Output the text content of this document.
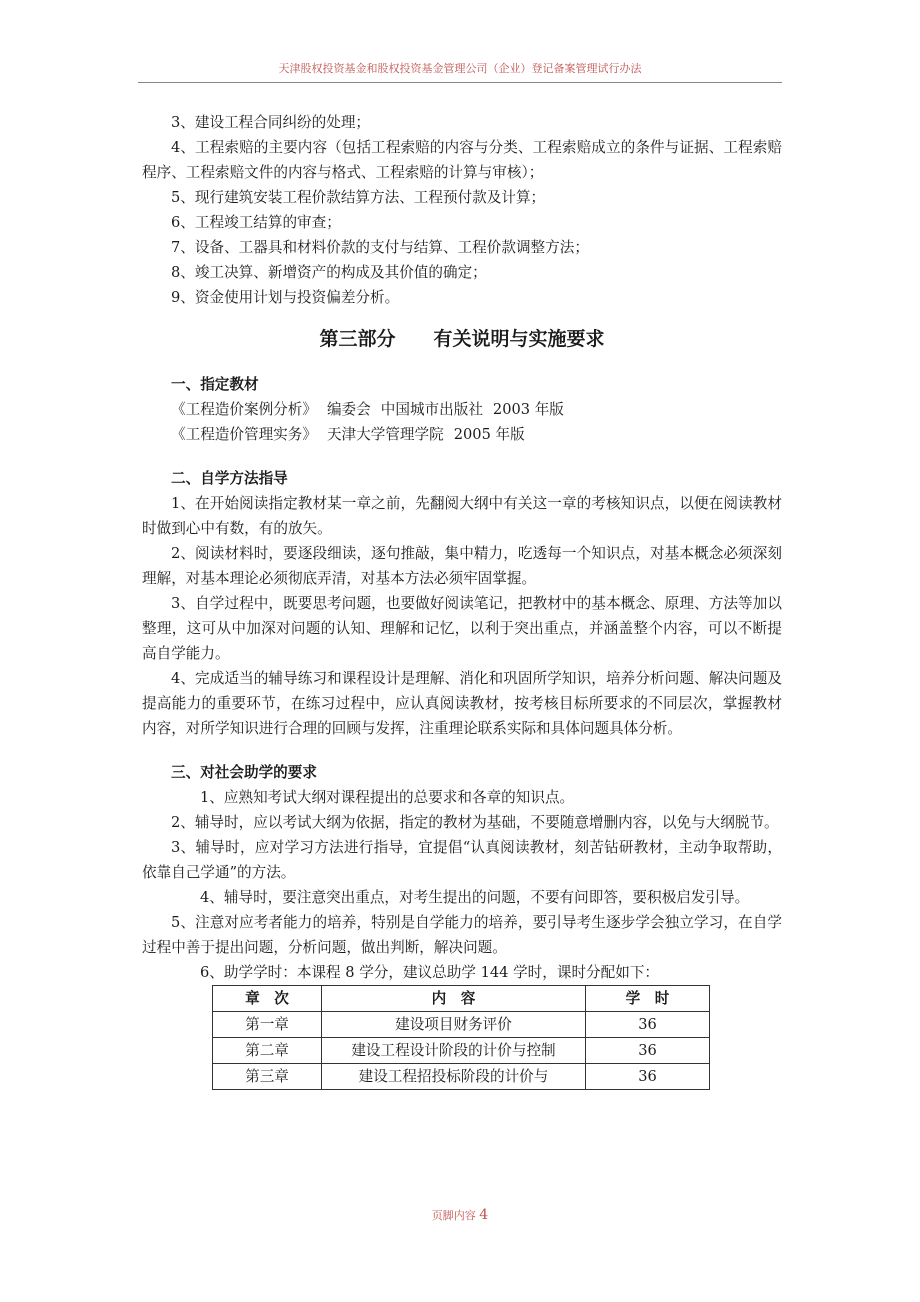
天津股权投资基金和股权投资基金管理公司（企业）登记备案管理试行办法

3、建设工程合同纠纷的处理；

4、工程索赔的主要内容（包括工程索赔的内容与分类、工程索赔成立的条件与证据、工程索赔程序、工程索赔文件的内容与格式、工程索赔的计算与审核）；

5、现行建筑安装工程价款结算方法、工程预付款及计算；

6、工程竣工结算的审查；

7、设备、工器具和材料价款的支付与结算、工程价款调整方法；

8、竣工决算、新增资产的构成及其价值的确定；

9、资金使用计划与投资偏差分析。

第三部分 有关说明与实施要求
一、指定教材

《工程造价案例分析》 编委会 中国城市出版社 2003 年版

《工程造价管理实务》 天津大学管理学院 2005 年版

二、自学方法指导

1、在开始阅读指定教材某一章之前，先翻阅大纲中有关这一章的考核知识点，以便在阅读教材时做到心中有数，有的放矢。

2、阅读材料时，要逐段细读，逐句推敲，集中精力，吃透每一个知识点，对基本概念必须深刻理解，对基本理论必须彻底弄清，对基本方法必须牢固掌握。

3、自学过程中，既要思考问题，也要做好阅读笔记，把教材中的基本概念、原理、方法等加以整理，这可从中加深对问题的认知、理解和记忆，以利于突出重点，并涵盖整个内容，可以不断提高自学能力。

4、完成适当的辅导练习和课程设计是理解、消化和巩固所学知识，培养分析问题、解决问题及提高能力的重要环节，在练习过程中，应认真阅读教材，按考核目标所要求的不同层次，掌握教材内容，对所学知识进行合理的回顾与发挥，注重理论联系实际和具体问题具体分析。

三、对社会助学的要求

1、应熟知考试大纲对课程提出的总要求和各章的知识点。

2、辅导时，应以考试大纲为依据，指定的教材为基础，不要随意增删内容，以免与大纲脱节。

3、辅导时，应对学习方法进行指导，宜提倡“认真阅读教材，刻苦钻研教材，主动争取帮助，依靠自己学通”的方法。

4、辅导时，要注意突出重点，对考生提出的问题，不要有问即答，要积极启发引导。

5、注意对应考者能力的培养，特别是自学能力的培养，要引导考生逐步学会独立学习，在自学过程中善于提出问题，分析问题，做出判断，解决问题。

6、助学学时：本课程 8 学分，建议总助学 144 学时，课时分配如下：

章　次	内　容	学　时
第一章	建设项目财务评价	36
第二章	建设工程设计阶段的计价与控制	36
第三章	建设工程招投标阶段的计价与	36
页脚内容 4
